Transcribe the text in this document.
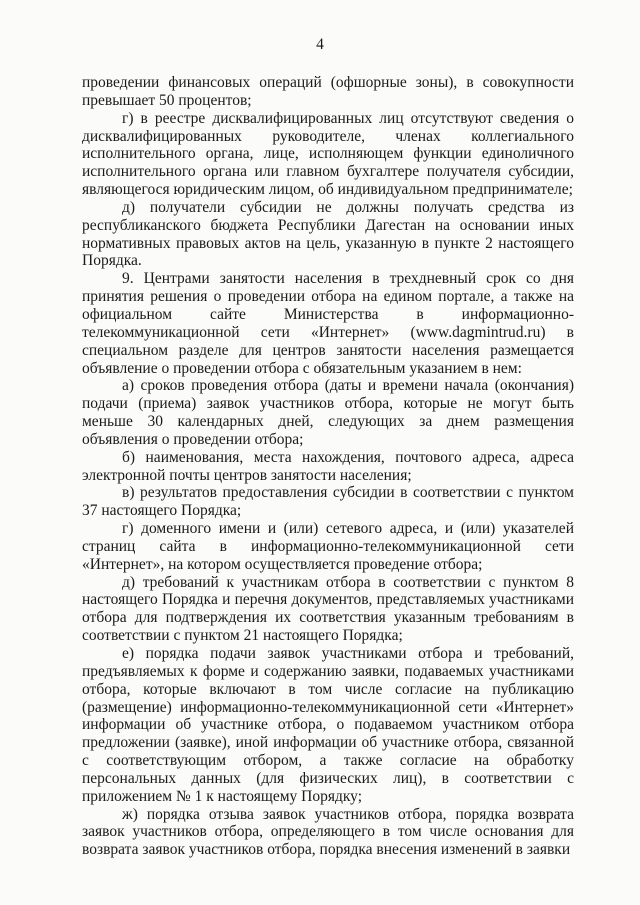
4

проведении финансовых операций (офшорные зоны), в совокупности превышает 50 процентов;

г) в реестре дисквалифицированных лиц отсутствуют сведения о дисквалифицированных руководителе, членах коллегиального исполнительного органа, лице, исполняющем функции единоличного исполнительного органа или главном бухгалтере получателя субсидии, являющегося юридическим лицом, об индивидуальном предпринимателе;

д) получатели субсидии не должны получать средства из республиканского бюджета Республики Дагестан на основании иных нормативных правовых актов на цель, указанную в пункте 2 настоящего Порядка.

9. Центрами занятости населения в трехдневный срок со дня принятия решения о проведении отбора на едином портале, а также на официальном сайте Министерства в информационно-телекоммуникационной сети «Интернет» (www.dagmintrud.ru) в специальном разделе для центров занятости населения размещается объявление о проведении отбора с обязательным указанием в нем:

а) сроков проведения отбора (даты и времени начала (окончания) подачи (приема) заявок участников отбора, которые не могут быть меньше 30 календарных дней, следующих за днем размещения объявления о проведении отбора;

б) наименования, места нахождения, почтового адреса, адреса электронной почты центров занятости населения;

в) результатов предоставления субсидии в соответствии с пунктом 37 настоящего Порядка;

г) доменного имени и (или) сетевого адреса, и (или) указателей страниц сайта в информационно-телекоммуникационной сети «Интернет», на котором осуществляется проведение отбора;

д) требований к участникам отбора в соответствии с пунктом 8 настоящего Порядка и перечня документов, представляемых участниками отбора для подтверждения их соответствия указанным требованиям в соответствии с пунктом 21 настоящего Порядка;

е) порядка подачи заявок участниками отбора и требований, предъявляемых к форме и содержанию заявки, подаваемых участниками отбора, которые включают в том числе согласие на публикацию (размещение) информационно-телекоммуникационной сети «Интернет» информации об участнике отбора, о подаваемом участником отбора предложении (заявке), иной информации об участнике отбора, связанной с соответствующим отбором, а также согласие на обработку персональных данных (для физических лиц), в соответствии с приложением № 1 к настоящему Порядку;

ж) порядка отзыва заявок участников отбора, порядка возврата заявок участников отбора, определяющего в том числе основания для возврата заявок участников отбора, порядка внесения изменений в заявки
